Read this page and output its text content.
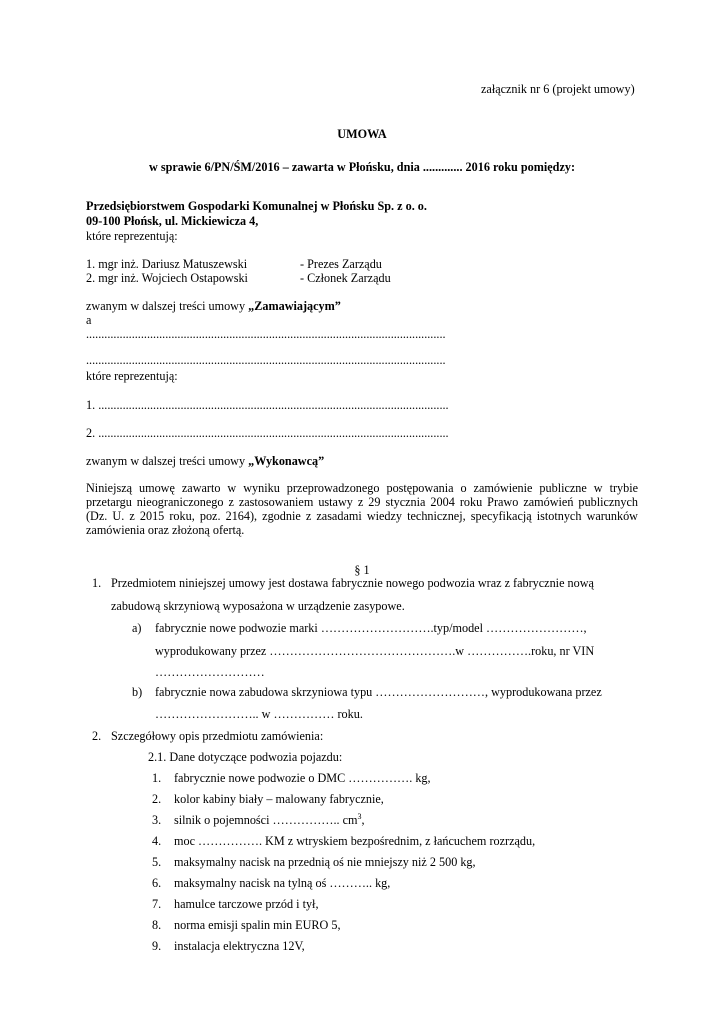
załącznik nr 6 (projekt umowy)
UMOWA
w sprawie 6/PN/ŚM/2016 – zawarta w Płońsku, dnia ............. 2016 roku pomiędzy:
Przedsiębiorstwem Gospodarki Komunalnej w Płońsku Sp. z o. o.
09-100 Płońsk, ul. Mickiewicza 4,
które reprezentują:
1. mgr inż. Dariusz Matuszewski	- Prezes Zarządu
2. mgr inż. Wojciech Ostapowski	- Członek Zarządu
zwanym w dalszej treści umowy „Zamawiającym”
a
......................................................................................................................
......................................................................................................................
które reprezentują:
1. ...................................................................................................................
2. ...................................................................................................................
zwanym w dalszej treści umowy „Wykonawcą”
Niniejszą umowę zawarto w wyniku przeprowadzonego postępowania o zamówienie publiczne w trybie
przetargu nieograniczonego z zastosowaniem ustawy z 29 stycznia 2004 roku Prawo zamówień publicznych
(Dz. U. z 2015 roku, poz. 2164), zgodnie z zasadami wiedzy technicznej, specyfikacją istotnych warunków
zamówienia oraz złożoną ofertą.
§ 1
1. Przedmiotem niniejszej umowy jest dostawa fabrycznie nowego podwozia wraz z fabrycznie nową
zabudową skrzyniową wyposażona w urządzenie zasypowe.
a) fabrycznie nowe podwozie marki ……………………….typ/model ……………………,
wyprodukowany przez ……………………………………….w …………….roku, nr VIN
………………………
b) fabrycznie nowa zabudowa skrzyniowa typu ………………………, wyprodukowana przez
…………………….. w …………… roku.
2. Szczegółowy opis przedmiotu zamówienia:
2.1. Dane dotyczące podwozia pojazdu:
1. fabrycznie nowe podwozie o DMC ……………. kg,
2. kolor kabiny biały – malowany fabrycznie,
3. silnik o pojemności …………….. $cm^3$,
4. moc ……………. KM z wtryskiem bezpośrednim, z łańcuchem rozrządu,
5. maksymalny nacisk na przednią oś nie mniejszy niż 2 500 kg,
6. maksymalny nacisk na tylną oś ……….. kg,
7. hamulce tarczowe przód i tył,
8. norma emisji spalin min EURO 5,
9. instalacja elektryczna 12V,
